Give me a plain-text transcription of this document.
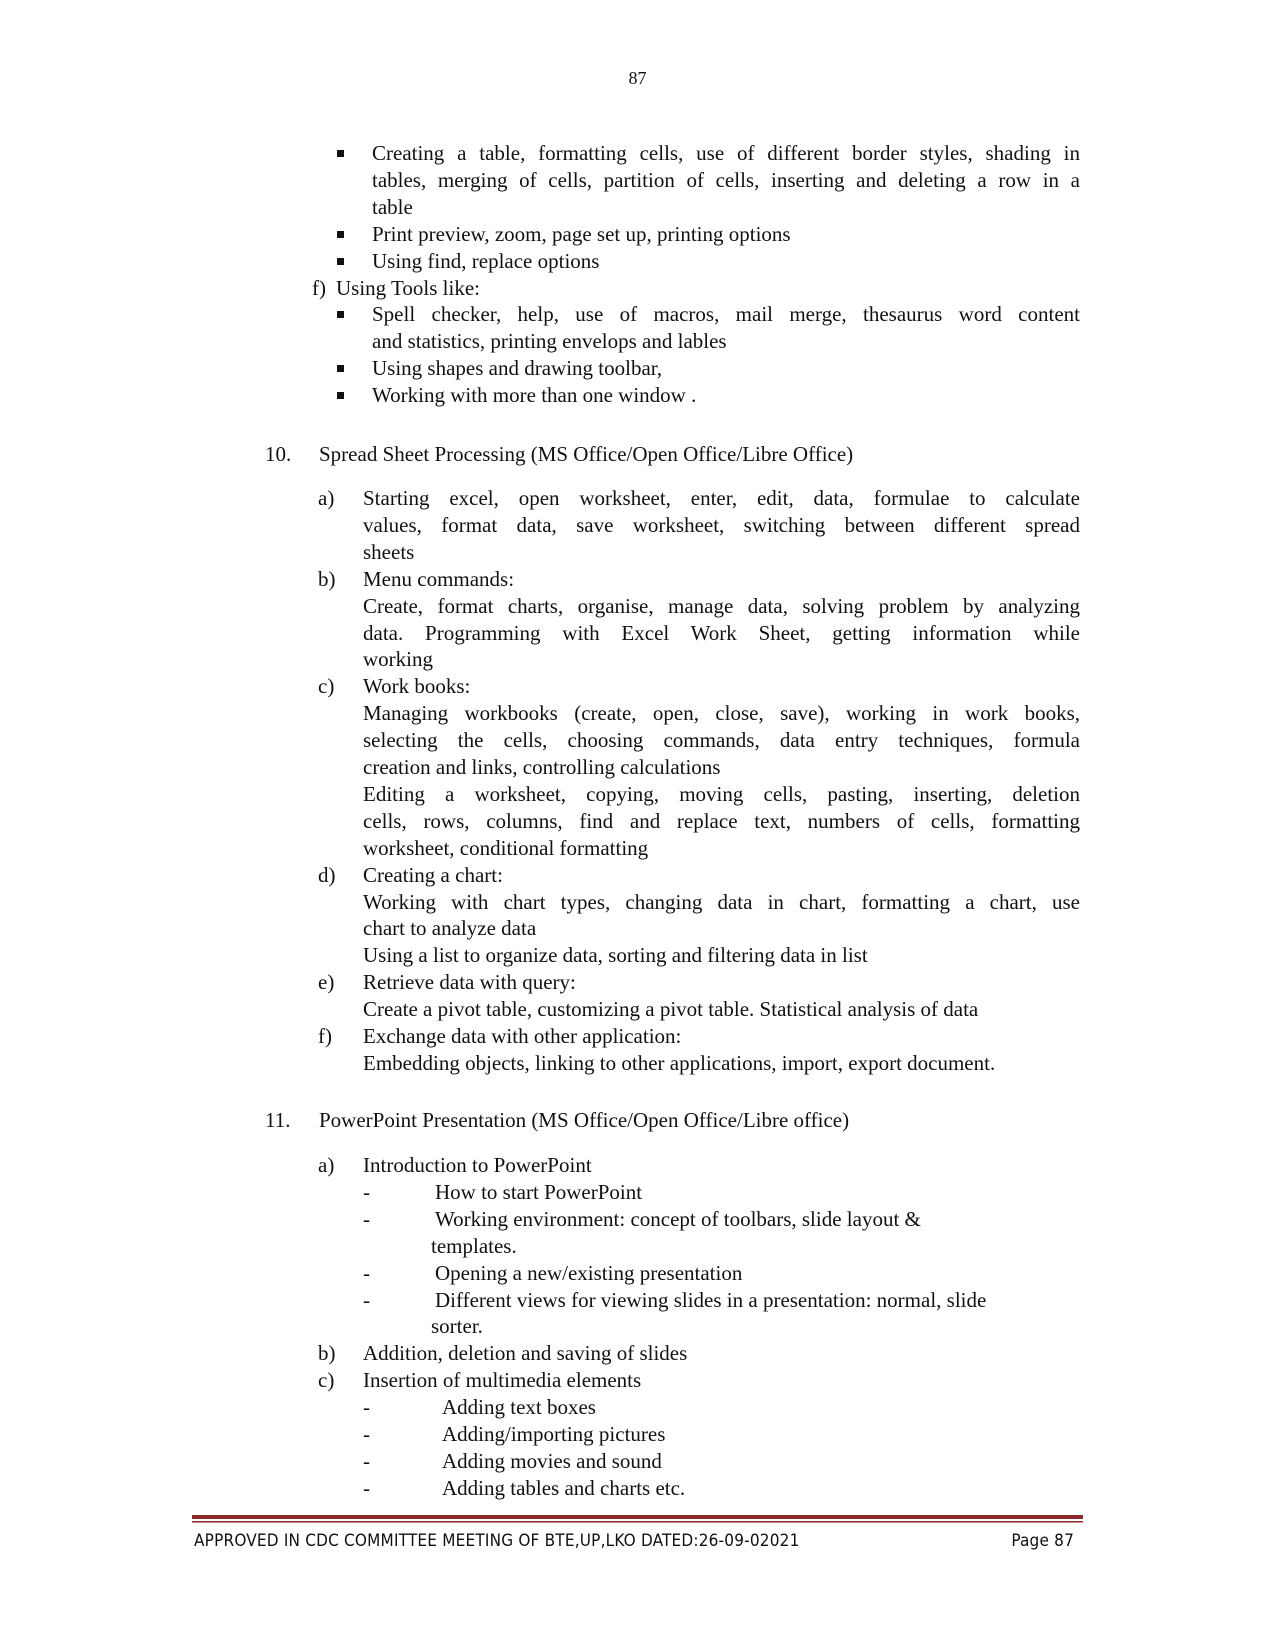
87
Creating a table, formatting cells, use of different border styles, shading in
tables, merging of cells, partition of cells, inserting and deleting a row in a
table
Print preview, zoom, page set up, printing options
Using find, replace options
f) Using Tools like:
Spell checker, help, use of macros, mail merge, thesaurus word content
and statistics, printing envelops and lables
Using shapes and drawing toolbar,
Working with more than one window .
10. Spread Sheet Processing (MS Office/Open Office/Libre Office)
a) Starting excel, open worksheet, enter, edit, data, formulae to calculate
values, format data, save worksheet, switching between different spread
sheets
b) Menu commands:
Create, format charts, organise, manage data, solving problem by analyzing
data. Programming with Excel Work Sheet, getting information while
working
c) Work books:
Managing workbooks (create, open, close, save), working in work books,
selecting the cells, choosing commands, data entry techniques, formula
creation and links, controlling calculations
Editing a worksheet, copying, moving cells, pasting, inserting, deletion
cells, rows, columns, find and replace text, numbers of cells, formatting
worksheet, conditional formatting
d) Creating a chart:
Working with chart types, changing data in chart, formatting a chart, use
chart to analyze data
Using a list to organize data, sorting and filtering data in list
e) Retrieve data with query:
Create a pivot table, customizing a pivot table. Statistical analysis of data
f) Exchange data with other application:
Embedding objects, linking to other applications, import, export document.
11. PowerPoint Presentation (MS Office/Open Office/Libre office)
a) Introduction to PowerPoint
-	How to start PowerPoint
-	Working environment: concept of toolbars, slide layout &
templates.
-	Opening a new/existing presentation
-	Different views for viewing slides in a presentation: normal, slide
sorter.
b) Addition, deletion and saving of slides
c) Insertion of multimedia elements
-	Adding text boxes
-	Adding/importing pictures
-	Adding movies and sound
-	Adding tables and charts etc.
APPROVED IN CDC COMMITTEE MEETING OF BTE,UP,LKO DATED:26-09-02021	Page 87
